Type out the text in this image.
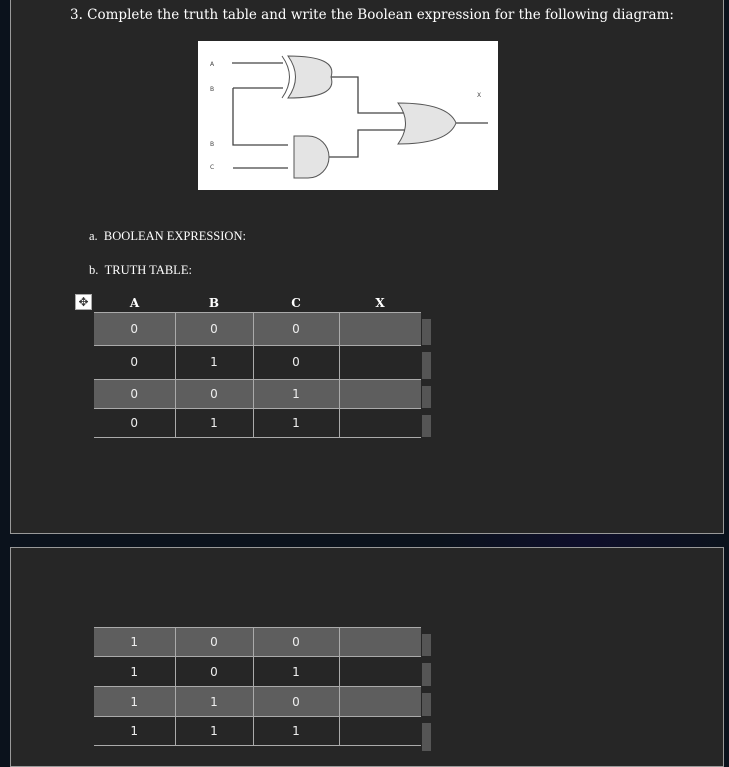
3. Complete the truth table and write the Boolean expression for the following diagram:
A
B
B
C
X
a.  BOOLEAN EXPRESSION:
b.  TRUTH TABLE:
✥	A	B	C	X
0	0	0	
0	1	0	
0	0	1	
0	1	1	
1	0	0	
1	0	1	
1	1	0	
1	1	1	
